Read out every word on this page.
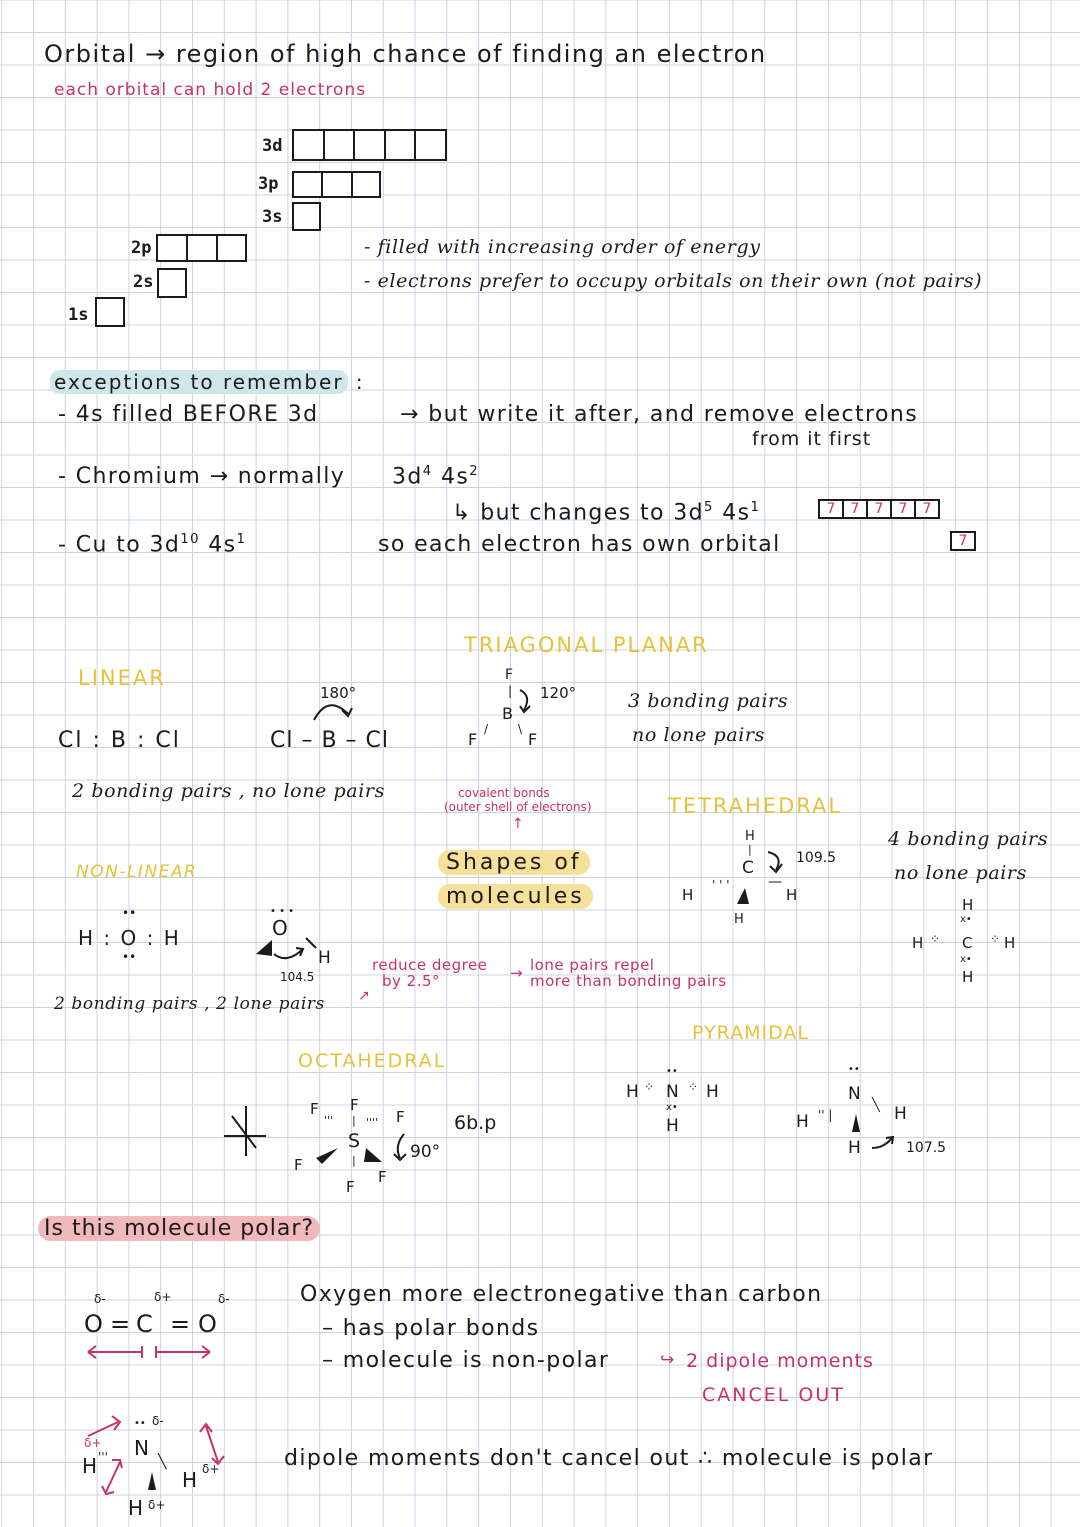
Orbital → region of high chance of finding an electron
each orbital can hold 2 electrons
3d
3p
3s
2p
2s
1s
- filled with increasing order of energy
- electrons prefer to occupy orbitals on their own (not pairs)
exceptions to remember :
- 4s filled BEFORE 3d	→ but write it after, and remove electrons
from it first
- Chromium → normally $3d^4$ $4s^2$
↳ but changes to $3d^5$ $4s^1$	7	7	7	7	7
7
- Cu to $3d^{10}$ $4s^1$	so each electron has own orbital
LINEAR
Cl : B : Cl
180°
Cl – B – Cl
2 bonding pairs , no lone pairs
TRIAGONAL PLANAR
F
|
B
F
/ \
F
120°	3 bonding pairs
no lone pairs
covalent bonds
(outer shell of electrons)
↑
Shapes of
molecules
TETRAHEDRAL
H
|
C
H
' ' '	—
H
H
109.5
4 bonding pairs
no lone pairs
H
x•
H ⁘ C ⁘ H
x•
H
NON-LINEAR
H : O : H
••
••
O
• • •
H
104.5
2 bonding pairs , 2 lone pairs ↗
reduce degree
by 2.5°	→ lone pairs repel
more than bonding pairs
OCTAHEDRAL
F F
F
''' | ''''
S
F	|
F
F
90°
6b.p
PYRAMIDAL
••
H ⁘ N ⁘ H
x•
H
••
N
H '' |
╲ H
H	107.5
Is this molecule polar?
O
δ-
= C
δ+
= O
δ-	Oxygen more electronegative than carbon
– has polar bonds
– molecule is non-polar	↪ 2 dipole moments
CANCEL OUT
δ+
H '''
•• δ-
N
╲
H δ+
H δ+
dipole moments don't cancel out ∴ molecule is polar
